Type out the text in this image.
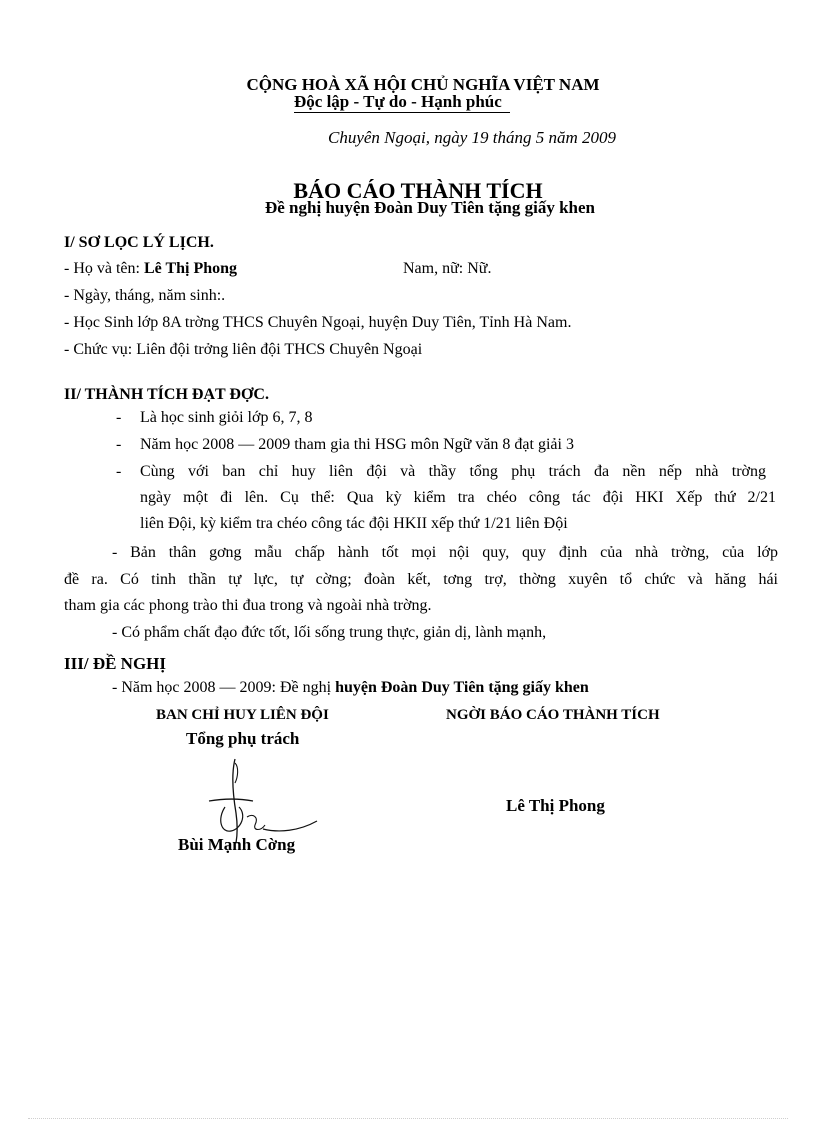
CỘNG HOÀ XÃ HỘI CHỦ NGHĨA VIỆT NAM
Độc lập - Tự do - Hạnh phúc
Chuyên Ngoại, ngày 19 tháng 5 năm 2009
BÁO CÁO THÀNH TÍCH
Đề nghị huyện Đoàn Duy Tiên tặng giấy khen
I/ SƠ LỌC LÝ LỊCH.
- Họ và tên: Lê Thị Phong	Nam, nữ: Nữ.
- Ngày, tháng, năm sinh:.
- Học Sinh lớp 8A trờng THCS Chuyên Ngoại, huyện Duy Tiên, Tỉnh Hà Nam.
- Chức vụ: Liên đội trởng liên đội THCS Chuyên Ngoại
II/ THÀNH TÍCH ĐẠT ĐỢC.
- Là học sinh giỏi lớp 6, 7, 8
- Năm học 2008 — 2009 tham gia thi HSG môn Ngữ văn 8 đạt giải 3
- Cùng với ban chỉ huy liên đội và thầy tổng phụ trách đa nền nếp nhà trờng
ngày một đi lên. Cụ thể: Qua kỳ kiểm tra chéo công tác đội HKI Xếp thứ 2/21
liên Đội, kỳ kiểm tra chéo công tác đội HKII xếp thứ 1/21 liên Đội
- Bản thân gơng mẫu chấp hành tốt mọi nội quy, quy định của nhà trờng, của lớp
đề ra. Có tinh thần tự lực, tự cờng; đoàn kết, tơng trợ, thờng xuyên tổ chức và hăng hái
tham gia các phong trào thi đua trong và ngoài nhà trờng.
- Có phẩm chất đạo đức tốt, lối sống trung thực, giản dị, lành mạnh,
III/ ĐỀ NGHỊ
- Năm học 2008 — 2009: Đề nghị huyện Đoàn Duy Tiên tặng giấy khen
BAN CHỈ HUY LIÊN ĐỘI	NGỜI BÁO CÁO THÀNH TÍCH
Tổng phụ trách
Lê Thị Phong
Bùi Mạnh Cờng
